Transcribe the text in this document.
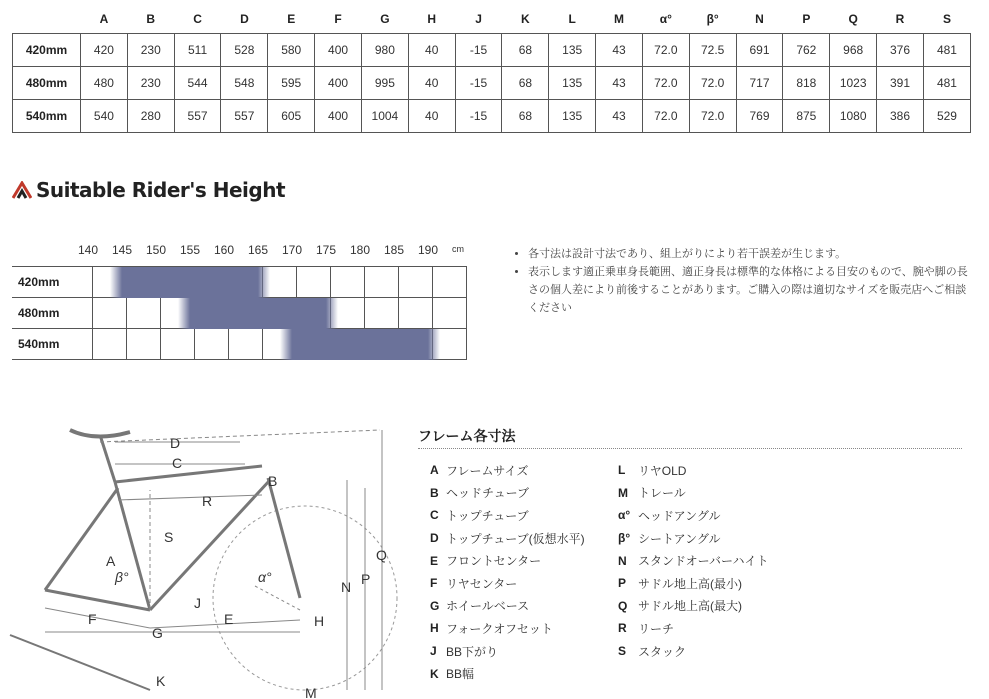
	A	B	C	D	E	F	G	H	J	K	L	M	α°	β°	N	P	Q	R	S
420mm	420	230	511	528	580	400	980	40	-15	68	135	43	72.0	72.5	691	762	968	376	481
480mm	480	230	544	548	595	400	995	40	-15	68	135	43	72.0	72.0	717	818	1023	391	481
540mm	540	280	557	557	605	400	1004	40	-15	68	135	43	72.0	72.0	769	875	1080	386	529
Suitable Rider's Height
140 145 150 155 160 165 170 175 180 185 190 cm
420mm											
480mm											
540mm											
• 各寸法は設計寸法であり、組上がりにより若干誤差が生じます。
• 表示します適正乗車身長範囲、適正身長は標準的な体格による目安のもので、腕や脚の長さの個人差により前後することがあります。ご購入の際は適切なサイズを販売店へご相談ください
D
C
B
R
S
A
β°	α°
F
J
E
G
H
N P
Q
K
M
フレーム各寸法
A フレームサイズ
B ヘッドチューブ
C トップチューブ
D トップチューブ(仮想水平)
E フロントセンター
F リヤセンター
G ホイールベース
H フォークオフセット
J BB下がり
K BB幅
L	リヤOLD
M トレール
α° ヘッドアングル
β° シートアングル
N スタンドオーバーハイト
P サドル地上高(最小)
Q サドル地上高(最大)
R リーチ
S スタック
